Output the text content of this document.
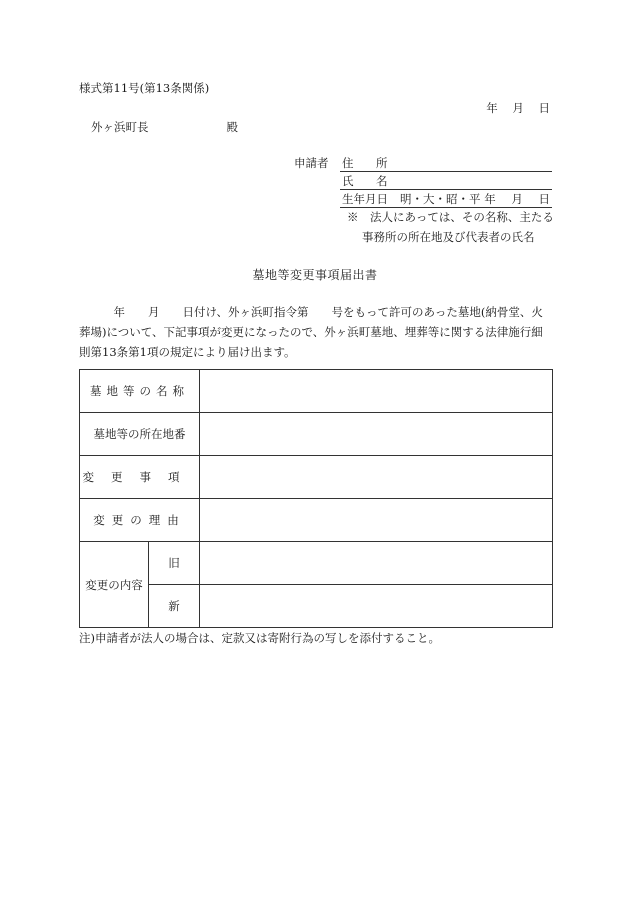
様式第11号(第13条関係)
年 月 日
外ヶ浜町長	殿
申請者 住 所
氏 名
生年月日 明・大・昭・平 年 月 日
※　法人にあっては、その名称、主たる
事務所の所在地及び代表者の氏名
墓地等変更事項届出書
　　　年　　月　　日付け、外ヶ浜町指令第　　号をもって許可のあった墓地(納骨堂、火
葬場)について、下記事項が変更になったので、外ヶ浜町墓地、埋葬等に関する法律施行細
則第13条第1項の規定により届け出ます。
墓地等の名称		
墓地等の所在地番		
変更事項		
変更の理由		
変更の内容	旧	
	新	
注)申請者が法人の場合は、定款又は寄附行為の写しを添付すること。
